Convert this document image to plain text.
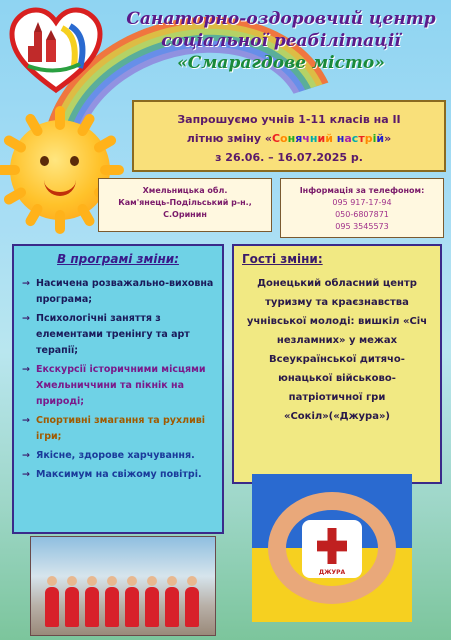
Санаторно-оздоровчий центр
соціальної реабілітації
«Смарагдове місто»
Запрошуємо учнів 1-11 класів на II
літню зміну «Сонячний настрій»
з 26.06. – 16.07.2025 р.
Хмельницька обл.
Кам'янець-Подільський р-н.,
С.Оринин
Інформація за телефоном:
095 917-17-94
050-6807871
095 3545573
В програмі зміни:
→ Насичена розважально-виховна програма;
→ Психологічні заняття з елементами тренінгу та арт терапії;
→ Екскурсії історичними місцями Хмельниччини та пікнік на природі;
→ Спортивні змагання та рухливі ігри;
→ Якісне, здорове харчування.
→ Максимум на свіжому повітрі.
Гості зміни:

Донецький обласний центр туризму та краєзнавства учнівської молоді: вишкіл «Січ незламних» у межах Всеукраїнської дитячо-юнацької військово-патріотичної гри «Сокіл»(«Джура»)

ДЖУРА
